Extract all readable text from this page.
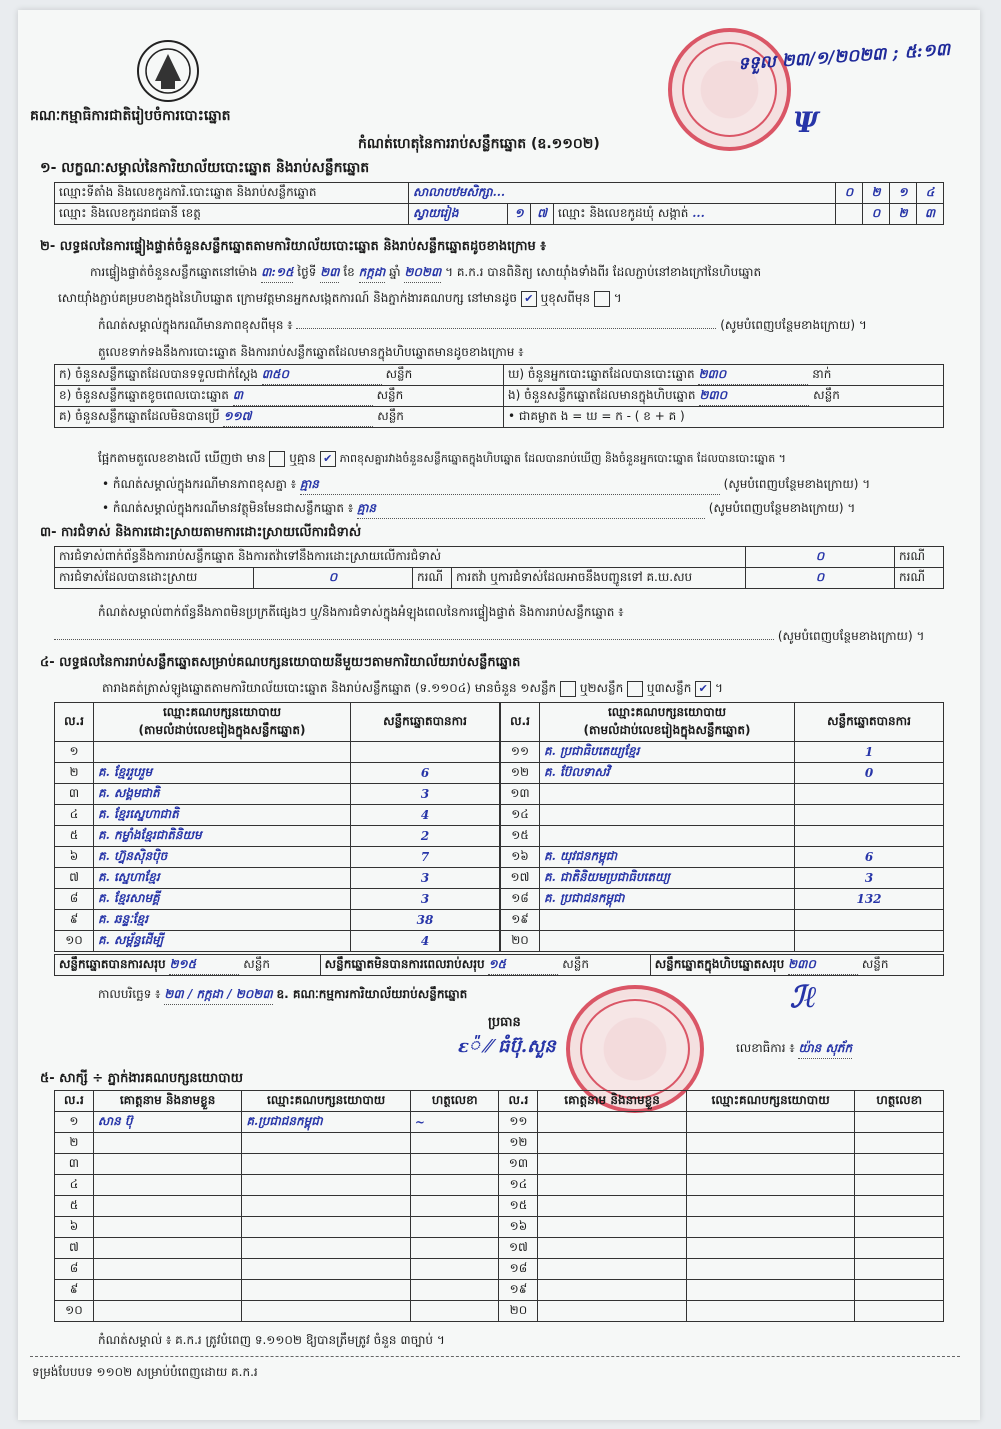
គណៈកម្មាធិការជាតិរៀបចំការបោះឆ្នោត
កំណត់ហេតុនៃការរាប់សន្លឹកឆ្នោត (ឧ.១១០២)
ទទួល ២៣/១/២០២៣ ; ៥:១៣
Ψ
១- លក្ខណៈសម្គាល់នៃការិយាល័យបោះឆ្នោត និងរាប់សន្លឹកឆ្នោត
ឈ្មោះទីតាំង និងលេខកូដការិ.បោះឆ្នោត និងរាប់សន្លឹកឆ្នោត	សាលាបឋមសិក្សា...				០	២	១	៤
ឈ្មោះ និងលេខកូដរាជធានី ខេត្ត	ស្វាយរៀង	១	៧	ឈ្មោះ និងលេខកូដឃុំ សង្កាត់ ...		០	២	៣
២- លទ្ធផលនៃការផ្ទៀងផ្ទាត់ចំនួនសន្លឹកឆ្នោតតាមការិយាល័យបោះឆ្នោត និងរាប់សន្លឹកឆ្នោតដូចខាងក្រោម ៖
ការផ្ទៀងផ្ទាត់ចំនួនសន្លឹកឆ្នោតនៅម៉ោង ៣:១៥ ថ្ងៃទី ២៣ ខែ កក្កដា ឆ្នាំ ២០២៣ ។ គ.ក.រ បានពិនិត្យ សោយ៉ាំងទាំងពីរ ដែលភ្ជាប់នៅខាងក្រៅនៃហិបឆ្នោត
សោយ៉ាំងភ្ជាប់គម្របខាងក្នុងនៃហិបឆ្នោត ក្រោមវត្តមានអ្នកសង្កេតការណ៍ និងភ្នាក់ងារគណបក្ស នៅមានដូច ✔ ឬខុសពីមុន  ។
កំណត់សម្គាល់ក្នុងករណីមានភាពខុសពីមុន ៖	(សូមបំពេញបន្ថែមខាងក្រោយ) ។
តួលេខទាក់ទងនឹងការបោះឆ្នោត និងការរាប់សន្លឹកឆ្នោតដែលមានក្នុងហិបឆ្នោតមានដូចខាងក្រោម ៖
ក) ចំនួនសន្លឹកឆ្នោតដែលបានទទួលជាក់ស្តែង ៣៥០ សន្លឹក	ឃ) ចំនួនអ្នកបោះឆ្នោតដែលបានបោះឆ្នោត ២៣០ នាក់
ខ) ចំនួនសន្លឹកឆ្នោតខូចពេលបោះឆ្នោត ៣ សន្លឹក	ង) ចំនួនសន្លឹកឆ្នោតដែលមានក្នុងហិបឆ្នោត ២៣០ សន្លឹក
គ) ចំនួនសន្លឹកឆ្នោតដែលមិនបានប្រើ ១១៧ សន្លឹក	• ជាគម្លាត ង = ឃ = ក - ( ខ + គ )
ផ្អែកតាមតួលេខខាងលើ ឃើញថា មាន ឬគ្មាន ✔ ភាពខុសគ្នារវាងចំនួនសន្លឹកឆ្នោតក្នុងហិបឆ្នោត ដែលបានរាប់ឃើញ និងចំនួនអ្នកបោះឆ្នោត ដែលបានបោះឆ្នោត ។
• កំណត់សម្គាល់ក្នុងករណីមានភាពខុសគ្នា ៖ គ្មាន	(សូមបំពេញបន្ថែមខាងក្រោយ) ។
• កំណត់សម្គាល់ក្នុងករណីមានវត្ថុមិនមែនជាសន្លឹកឆ្នោត ៖ គ្មាន	(សូមបំពេញបន្ថែមខាងក្រោយ) ។
៣- ការជំទាស់ និងការដោះស្រាយតាមការដោះស្រាយលើការជំទាស់
ការជំទាស់ពាក់ព័ន្ធនឹងការរាប់សន្លឹកឆ្នោត និងការតវ៉ាទៅនឹងការដោះស្រាយលើការជំទាស់				០	ករណី
ការជំទាស់ដែលបានដោះស្រាយ	០	ករណី	ការតវ៉ា ឬការជំទាស់ដែលអាចនឹងបញ្ជូនទៅ គ.ឃ.សប	០	ករណី
កំណត់សម្គាល់ពាក់ព័ន្ធនឹងភាពមិនប្រក្រតីផ្សេងៗ ឬ/និងការជំទាស់ក្នុងអំឡុងពេលនៃការផ្ទៀងផ្ទាត់ និងការរាប់សន្លឹកឆ្នោត ៖
(សូមបំពេញបន្ថែមខាងក្រោយ) ។
៤- លទ្ធផលនៃការរាប់សន្លឹកឆ្នោតសម្រាប់គណបក្សនយោបាយនីមួយៗតាមការិយាល័យរាប់សន្លឹកឆ្នោត
តារាងគត់ត្រាស់ឡូងឆ្នោតតាមការិយាល័យបោះឆ្នោត និងរាប់សន្លឹកឆ្នោត (ទ.១១០៤) មានចំនួន ១សន្លឹក ឬ២សន្លឹក ឬ៣សន្លឹក ✔ ។
ល.រ	ឈ្មោះគណបក្សនយោបាយ
(តាមលំដាប់លេខរៀងក្នុងសន្លឹកឆ្នោត)	សន្លឹកឆ្នោតបានការ
១		
២	គ. ខ្មែររួបរួម	6
៣	គ. សង្គមជាតិ	3
៤	គ. ខ្មែរស្នេហាជាតិ	4
៥	គ. កម្លាំងខ្មែរជាតិនិយម	2
៦	គ. ហ្វ៊ុនស៊ិនប៉ិច	7
៧	គ. ស្នេហាខ្មែរ	3
៨	គ. ខ្មែរសាមគ្គី	3
៩	គ. ឆន្ទៈខ្មែរ	38
១០	គ. សម្ព័ន្ធដើម្បី	4
ល.រ	ឈ្មោះគណបក្សនយោបាយ
(តាមលំដាប់លេខរៀងក្នុងសន្លឹកឆ្នោត)	សន្លឹកឆ្នោតបានការ
១១	គ. ប្រជាធិបតេយ្យខ្មែរ	1
១២	គ. ប៊ែលទាសវិ	0
១៣		
១៤		
១៥		
១៦	គ. យុវជនកម្ពុជា	6
១៧	គ. ជាតិនិយមប្រជាធិបតេយ្យ	3
១៨	គ. ប្រជាជនកម្ពុជា	132
១៩		
២០		
សន្លឹកឆ្នោតបានការសរុប ២១៥	សន្លឹក	សន្លឹកឆ្នោតមិនបានការពេលរាប់សរុប ១៥	សន្លឹក	សន្លឹកឆ្នោតក្នុងហិបឆ្នោតសរុប ២៣០	សន្លឹក
កាលបរិច្ឆេទ ៖ ២៣ / កក្កដា / ២០២៣ ឧ. គណៈកម្មការការិយាល័យរាប់សន្លឹកឆ្នោត	ℐℓ
ប្រធាន
ε៉ ⁄⁄ ធំប៊ុ.សួន	លេខាធិការ ៖ យ៉ាន សុភ័ក
៥- សាក្សី ÷ ភ្នាក់ងារគណបក្សនយោបាយ
ល.រ	គោត្តនាម និងនាមខ្លួន	ឈ្មោះគណបក្សនយោបាយ	ហត្ថលេខា	ល.រ	គោត្តនាម និងនាមខ្លួន	ឈ្មោះគណបក្សនយោបាយ	ហត្ថលេខា
១	សាន ប៊ុ	គ.ប្រជាជនកម្ពុជា	~	១១			
២				១២			
៣				១៣			
៤				១៤			
៥				១៥			
៦				១៦			
៧				១៧			
៨				១៨			
៩				១៩			
១០				២០			
កំណត់សម្គាល់ ៖ គ.ក.រ ត្រូវបំពេញ ទ.១១០២ ឱ្យបានត្រឹមត្រូវ ចំនួន ៣ច្បាប់ ។
ទម្រង់បែបបទ ១១០២ សម្រាប់បំពេញដោយ គ.ក.រ
